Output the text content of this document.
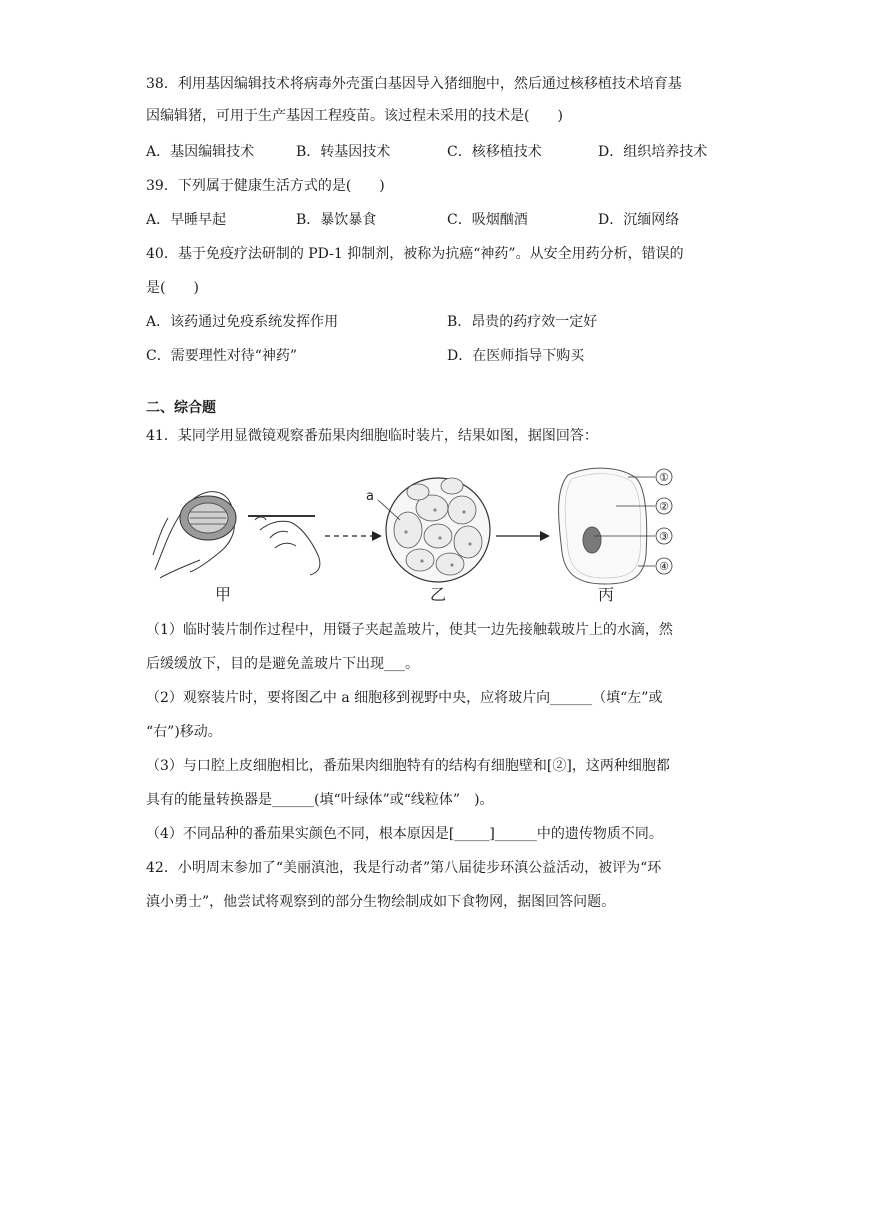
38．利用基因编辑技术将病毒外壳蛋白基因导入猪细胞中，然后通过核移植技术培育基
因编辑猪，可用于生产基因工程疫苗。该过程未采用的技术是(　　)
A．基因编辑技术	B．转基因技术	C．核移植技术	D．组织培养技术
39．下列属于健康生活方式的是(　　)
A．早睡早起	B．暴饮暴食	C．吸烟酗酒	D．沉缅网络
40．基于免疫疗法研制的 PD-1 抑制剂，被称为抗癌“神药”。从安全用药分析，错误的
是(　　)
A．该药通过免疫系统发挥作用	B．昂贵的药疗效一定好
C．需要理性对待“神药”	D．在医师指导下购买
二、综合题
41．某同学用显微镜观察番茄果肉细胞临时装片，结果如图，据图回答：
a
①
②
③
④
甲	乙	丙
（1）临时装片制作过程中，用镊子夹起盖玻片，使其一边先接触载玻片上的水滴，然
后缓缓放下，目的是避免盖玻片下出现___。
（2）观察装片时，要将图乙中 a 细胞移到视野中央，应将玻片向______（填“左”或
“右”)移动。
（3）与口腔上皮细胞相比，番茄果肉细胞特有的结构有细胞壁和[②]，这两种细胞都
具有的能量转换器是______(填“叶绿体”或“线粒体”　)。
（4）不同品种的番茄果实颜色不同，根本原因是[_____]______中的遗传物质不同。
42．小明周末参加了“美丽滇池，我是行动者”第八届徒步环滇公益活动，被评为“环
滇小勇士”，他尝试将观察到的部分生物绘制成如下食物网，据图回答问题。
